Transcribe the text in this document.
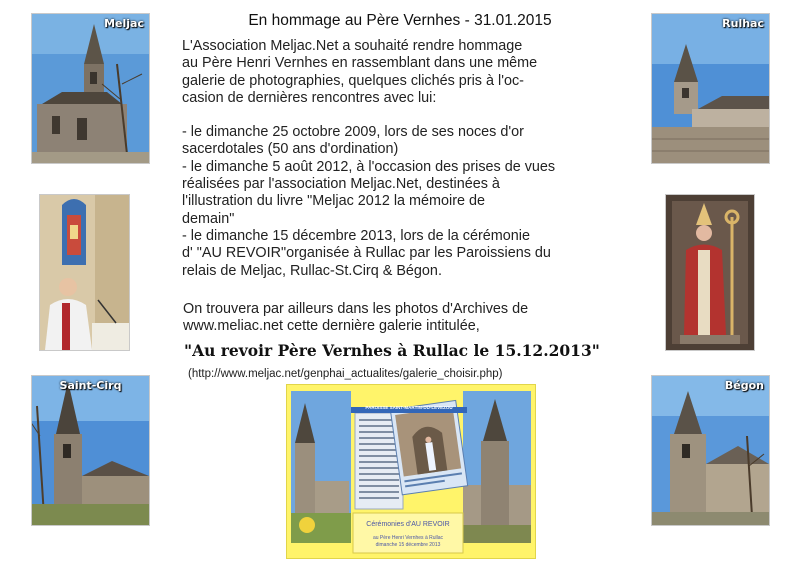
Meljac	Rulhac
Saint-Cirq	Bégon
En hommage au Père Vernhes - 31.01.2015
L'Association Meljac.Net a souhaité rendre hommage
au Père Henri Vernhes en rassemblant dans une même
galerie de photographies, quelques clichés pris à l'oc-
casion de dernières rencontres avec lui:
- le dimanche 25 octobre 2009, lors de ses noces d'or
sacerdotales (50 ans d'ordination)
- le dimanche 5 août 2012, à l'occasion des prises de vues
réalisées par l'association Meljac.Net, destinées à
l'illustration du livre "Meljac 2012 la mémoire de
demain"
- le dimanche 15 décembre 2013, lors de la cérémonie
d' "AU REVOIR"organisée à Rullac par les Paroissiens du
relais de Meljac, Rullac-St.Cirq & Bégon.
On trouvera par ailleurs dans les photos d'Archives de
www.meliac.net cette dernière galerie intitulée,
"Au revoir Père Vernhes à Rullac le 15.12.2013"
(http://www.meljac.net/genphai_actualites/galerie_choisir.php)
PAROISSE SAINT-MARTIN-DU-LEVEZOU
Cérémonies d'AU REVOIR
au Père Henri Vernhes à Rullac
dimanche 15 décembre 2013
